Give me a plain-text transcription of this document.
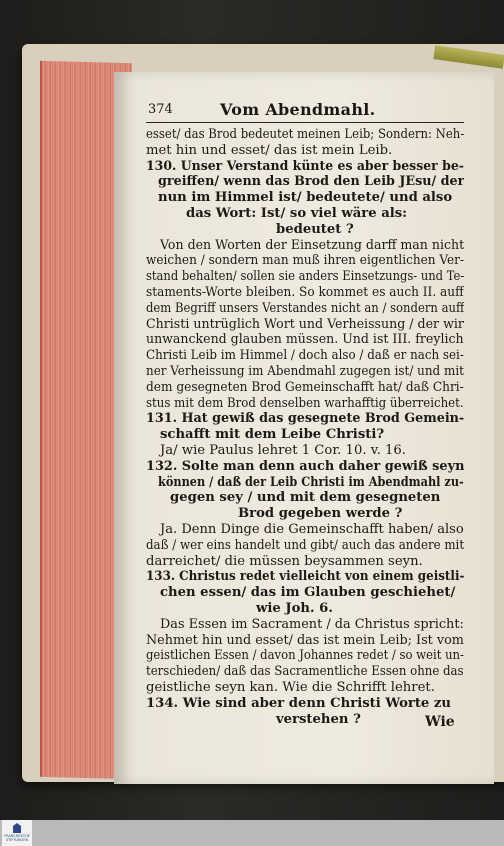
374	Vom Abendmahl.
esset/ das Brod bedeutet meinen Leib; Sondern: Neh-
met hin und esset/ das ist mein Leib.
130. Unser Verstand künte es aber besser be-
greiffen/ wenn das Brod den Leib JEsu/ der
nun im Himmel ist/ bedeutete/ und also
das Wort: Ist/ so viel wäre als:
bedeutet ?
Von den Worten der Einsetzung darff man nicht
weichen / sondern man muß ihren eigentlichen Ver-
stand behalten/ sollen sie anders Einsetzungs- und Te-
staments-Worte bleiben. So kommet es auch II. auff
dem Begriff unsers Verstandes nicht an / sondern auff
Christi untrüglich Wort und Verheissung / der wir
unwanckend glauben müssen. Und ist III. freylich
Christi Leib im Himmel / doch also / daß er nach sei-
ner Verheissung im Abendmahl zugegen ist/ und mit
dem gesegneten Brod Gemeinschafft hat/ daß Chri-
stus mit dem Brod denselben warhafftig überreichet.
131. Hat gewiß das gesegnete Brod Gemein-
schafft mit dem Leibe Christi?
Ja/ wie Paulus lehret 1 Cor. 10. v. 16.
132. Solte man denn auch daher gewiß seyn
können / daß der Leib Christi im Abendmahl zu-
gegen sey / und mit dem gesegneten
Brod gegeben werde ?
Ja. Denn Dinge die Gemeinschafft haben/ also
daß / wer eins handelt und gibt/ auch das andere mit
darreichet/ die müssen beysammen seyn.
133. Christus redet vielleicht von einem geistli-
chen essen/ das im Glauben geschiehet/
wie Joh. 6.
Das Essen im Sacrament / da Christus spricht:
Nehmet hin und esset/ das ist mein Leib; Ist vom
geistlichen Essen / davon Johannes redet / so weit un-
terschieden/ daß das Sacramentliche Essen ohne das
geistliche seyn kan. Wie die Schrifft lehret.
134. Wie sind aber denn Christi Worte zu
verstehen ?	Wie
FRANCKESCHE STIFTUNGEN
